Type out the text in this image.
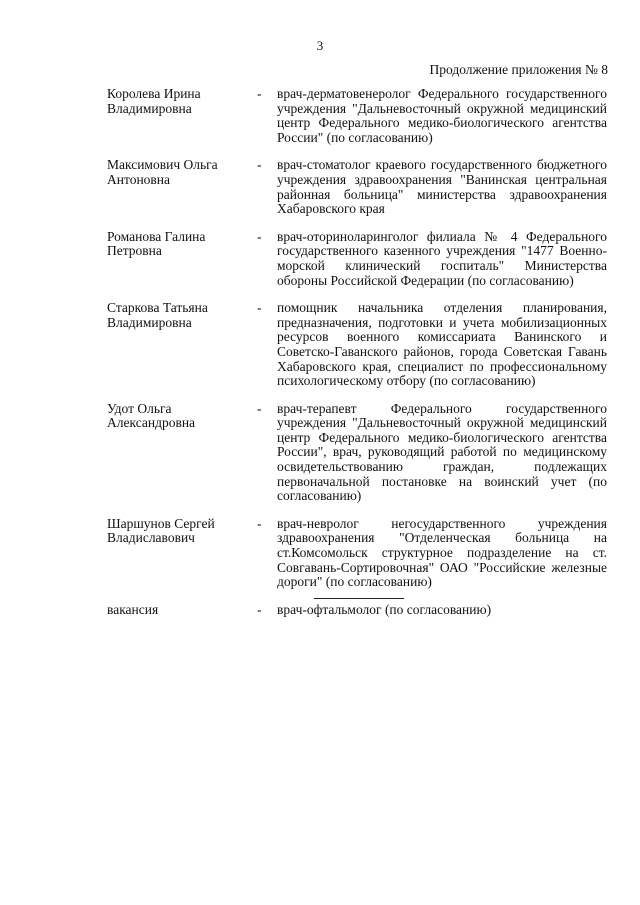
3
Продолжение приложения № 8
Королева Ирина
Владимировна
-	врач-дерматовенеролог Федерального государственного учреждения "Дальневосточный окружной медицинский центр Федерального медико-биологического агентства России" (по согласованию)
Максимович Ольга
Антоновна
-	врач-стоматолог краевого государственного бюджетного учреждения здравоохранения "Ванинская центральная районная больница" министерства здравоохранения Хабаровского края
Романова Галина
Петровна
-	врач-оториноларинголог филиала № 4 Федерального государственного казенного учреждения "1477 Военно-морской клинический госпиталь" Министерства обороны Российской Федерации (по согласованию)
Старкова Татьяна
Владимировна
-	помощник начальника отделения планирования, предназначения, подготовки и учета мобилизационных ресурсов военного комиссариата Ванинского и Советско-Гаванского районов, города Советская Гавань Хабаровского края, специалист по профессиональному психологическому отбору (по согласованию)
Удот Ольга
Александровна
-	врач-терапевт Федерального государственного учреждения "Дальневосточный окружной медицинский центр Федерального медико-биологического агентства России", врач, руководящий работой по медицинскому освидетельствованию граждан, подлежащих первоначальной постановке на воинский учет (по согласованию)
Шаршунов Сергей
Владиславович
-	врач-невролог негосударственного учреждения здравоохранения "Отделенческая больница на ст.Комсомольск структурное подразделение на ст. Совгавань-Сортировочная" ОАО "Российские железные дороги" (по согласованию)
вакансия	-	врач-офтальмолог (по согласованию)
